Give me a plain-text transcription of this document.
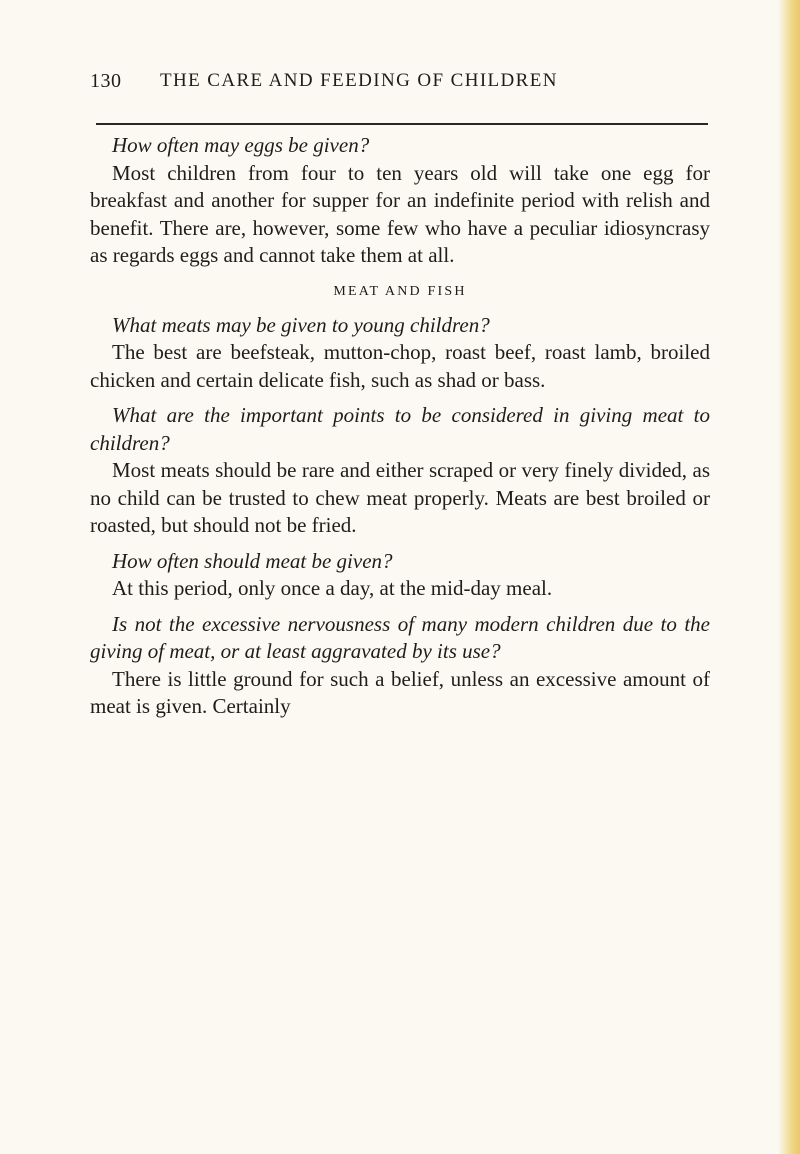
130 THE CARE AND FEEDING OF CHILDREN

How often may eggs be given?

Most children from four to ten years old will take one egg for breakfast and another for supper for an indefinite period with relish and benefit. There are, however, some few who have a peculiar idiosyncrasy as regards eggs and cannot take them at all.

MEAT AND FISH

What meats may be given to young children?

The best are beefsteak, mutton-chop, roast beef, roast lamb, broiled chicken and certain delicate fish, such as shad or bass.

What are the important points to be considered in giving meat to children?

Most meats should be rare and either scraped or very finely divided, as no child can be trusted to chew meat properly. Meats are best broiled or roasted, but should not be fried.

How often should meat be given?

At this period, only once a day, at the mid-day meal.

Is not the excessive nervousness of many modern children due to the giving of meat, or at least aggravated by its use?

There is little ground for such a belief, unless an excessive amount of meat is given. Certainly
